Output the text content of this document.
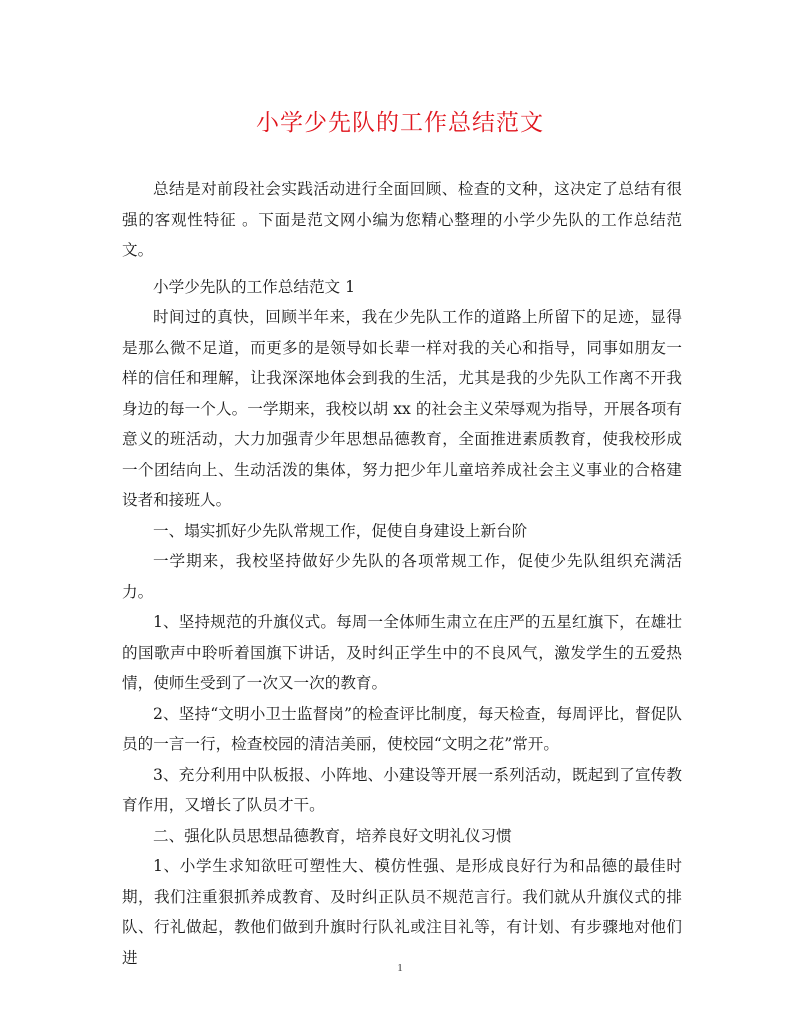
小学少先队的工作总结范文

总结是对前段社会实践活动进行全面回顾、检查的文种，这决定了总结有很强的客观性特征 。下面是范文网小编为您精心整理的小学少先队的工作总结范文。

小学少先队的工作总结范文 1

时间过的真快，回顾半年来，我在少先队工作的道路上所留下的足迹，显得是那么微不足道，而更多的是领导如长辈一样对我的关心和指导，同事如朋友一样的信任和理解，让我深深地体会到我的生活，尤其是我的少先队工作离不开我身边的每一个人。一学期来，我校以胡 xx 的社会主义荣辱观为指导，开展各项有意义的班活动，大力加强青少年思想品德教育，全面推进素质教育，使我校形成一个团结向上、生动活泼的集体，努力把少年儿童培养成社会主义事业的合格建设者和接班人。

一、塌实抓好少先队常规工作，促使自身建设上新台阶

一学期来，我校坚持做好少先队的各项常规工作，促使少先队组织充满活力。

1、坚持规范的升旗仪式。每周一全体师生肃立在庄严的五星红旗下，在雄壮的国歌声中聆听着国旗下讲话，及时纠正学生中的不良风气，激发学生的五爱热情，使师生受到了一次又一次的教育。

2、坚持“文明小卫士监督岗”的检查评比制度，每天检查，每周评比，督促队员的一言一行，检查校园的清洁美丽，使校园“文明之花”常开。

3、充分利用中队板报、小阵地、小建设等开展一系列活动，既起到了宣传教育作用，又增长了队员才干。

二、强化队员思想品德教育，培养良好文明礼仪习惯

1、小学生求知欲旺可塑性大、模仿性强、是形成良好行为和品德的最佳时期，我们注重狠抓养成教育、及时纠正队员不规范言行。我们就从升旗仪式的排队、行礼做起，教他们做到升旗时行队礼或注目礼等，有计划、有步骤地对他们进

1
